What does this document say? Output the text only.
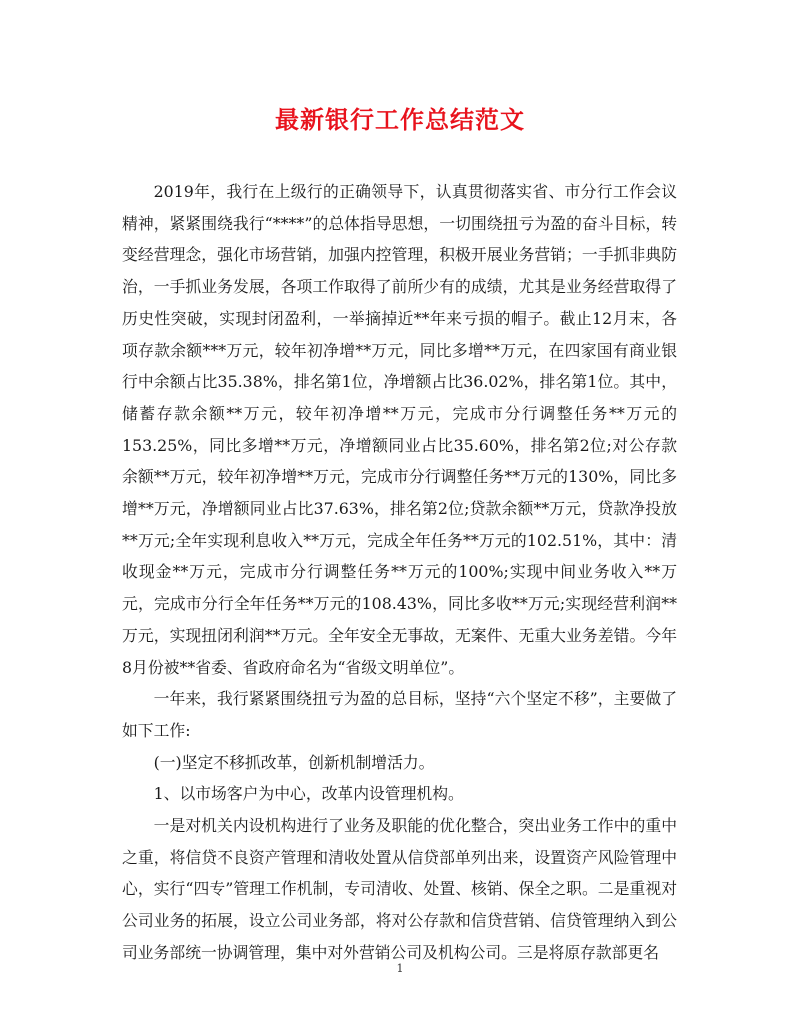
最新银行工作总结范文

2019年，我行在上级行的正确领导下，认真贯彻落实省、市分行工作会议精神，紧紧围绕我行“****”的总体指导思想，一切围绕扭亏为盈的奋斗目标，转变经营理念，强化市场营销，加强内控管理，积极开展业务营销；一手抓非典防治，一手抓业务发展，各项工作取得了前所少有的成绩，尤其是业务经营取得了历史性突破，实现封闭盈利，一举摘掉近**年来亏损的帽子。截止12月末，各项存款余额***万元，较年初净增**万元，同比多增**万元，在四家国有商业银行中余额占比35.38%，排名第1位，净增额占比36.02%，排名第1位。其中，储蓄存款余额**万元，较年初净增**万元，完成市分行调整任务**万元的153.25%，同比多增**万元，净增额同业占比35.60%，排名第2位;对公存款余额**万元，较年初净增**万元，完成市分行调整任务**万元的130%，同比多增**万元，净增额同业占比37.63%，排名第2位;贷款余额**万元，贷款净投放**万元;全年实现利息收入**万元，完成全年任务**万元的102.51%，其中：清收现金**万元，完成市分行调整任务**万元的100%;实现中间业务收入**万元，完成市分行全年任务**万元的108.43%，同比多收**万元;实现经营利润**万元，实现扭闭利润**万元。全年安全无事故，无案件、无重大业务差错。今年8月份被**省委、省政府命名为“省级文明单位”。

一年来，我行紧紧围绕扭亏为盈的总目标，坚持“六个坚定不移”，主要做了如下工作:

(一)坚定不移抓改革，创新机制增活力。

1、以市场客户为中心，改革内设管理机构。

一是对机关内设机构进行了业务及职能的优化整合，突出业务工作中的重中之重，将信贷不良资产管理和清收处置从信贷部单列出来，设置资产风险管理中心，实行“四专”管理工作机制，专司清收、处置、核销、保全之职。二是重视对公司业务的拓展，设立公司业务部，将对公存款和信贷营销、信贷管理纳入到公司业务部统一协调管理，集中对外营销公司及机构公司。三是将原存款部更名

1
